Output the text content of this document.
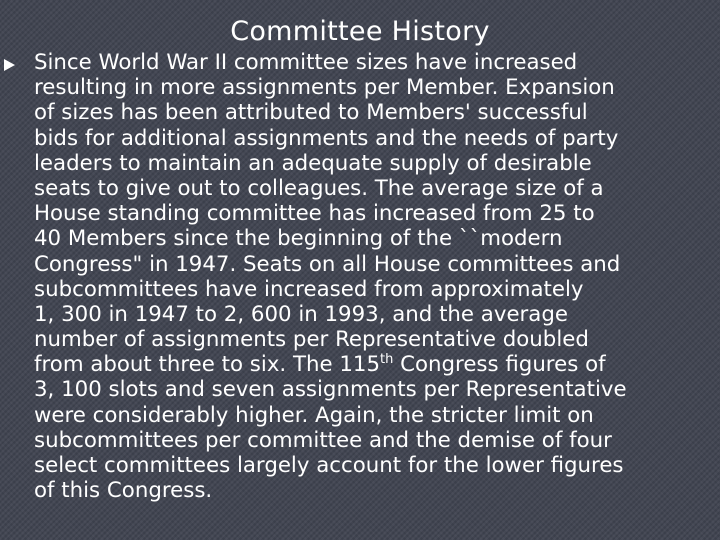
Committee History
Since World War II committee sizes have increased
resulting in more assignments per Member. Expansion
of sizes has been attributed to Members' successful
bids for additional assignments and the needs of party
leaders to maintain an adequate supply of desirable
seats to give out to colleagues. The average size of a
House standing committee has increased from 25 to
40 Members since the beginning of the ``modern
Congress" in 1947. Seats on all House committees and
subcommittees have increased from approximately
1, 300 in 1947 to 2, 600 in 1993, and the average
number of assignments per Representative doubled
from about three to six. The 115th Congress figures of
3, 100 slots and seven assignments per Representative
were considerably higher. Again, the stricter limit on
subcommittees per committee and the demise of four
select committees largely account for the lower figures
of this Congress.
